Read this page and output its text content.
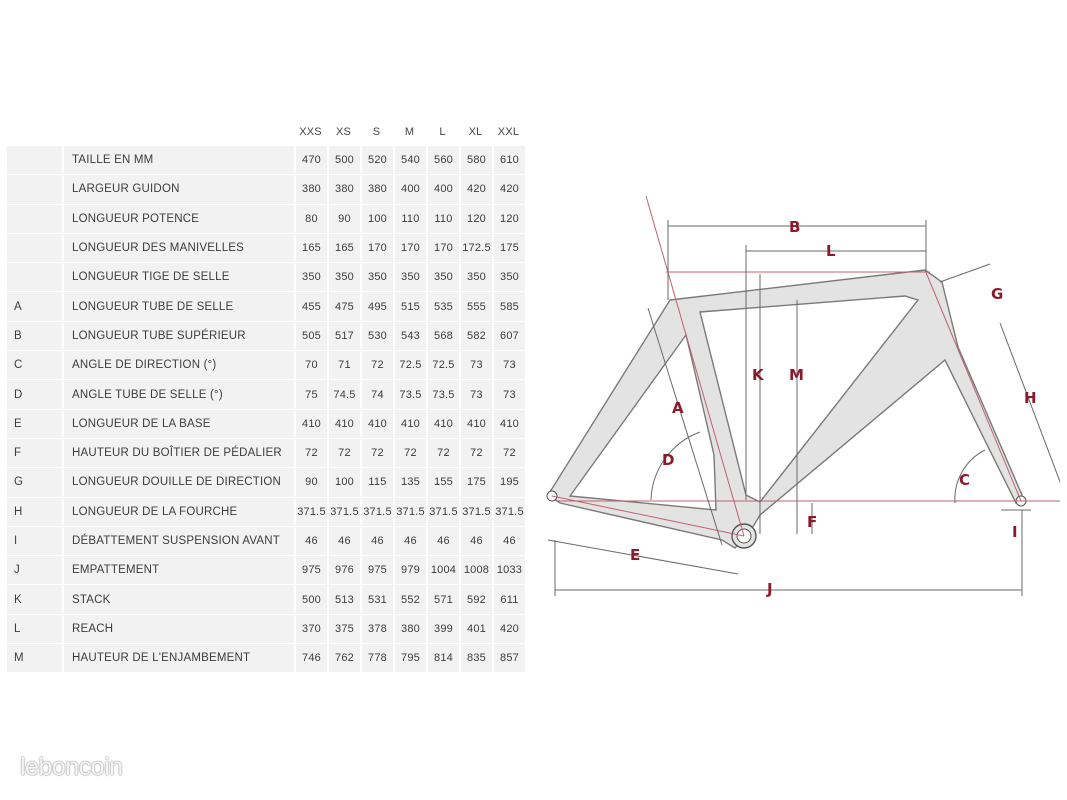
			XXS	XS	S	M	L	XL	XXL
		TAILLE EN MM	470	500	520	540	560	580	610
		LARGEUR GUIDON	380	380	380	400	400	420	420
		LONGUEUR POTENCE	80	90	100	110	110	120	120
		LONGUEUR DES MANIVELLES	165	165	170	170	170	172.5	175
		LONGUEUR TIGE DE SELLE	350	350	350	350	350	350	350
A		LONGUEUR TUBE DE SELLE	455	475	495	515	535	555	585
B		LONGUEUR TUBE SUPÉRIEUR	505	517	530	543	568	582	607
C		ANGLE DE DIRECTION (°)	70	71	72	72.5	72.5	73	73
D		ANGLE TUBE DE SELLE (°)	75	74.5	74	73.5	73.5	73	73
E		LONGUEUR DE LA BASE	410	410	410	410	410	410	410
F		HAUTEUR DU BOÎTIER DE PÉDALIER	72	72	72	72	72	72	72
G		LONGUEUR DOUILLE DE DIRECTION	90	100	115	135	155	175	195
H		LONGUEUR DE LA FOURCHE	371.5	371.5	371.5	371.5	371.5	371.5	371.5
I		DÉBATTEMENT SUSPENSION AVANT	46	46	46	46	46	46	46
J		EMPATTEMENT	975	976	975	979	1004	1008	1033
K		STACK	500	513	531	552	571	592	611
L		REACH	370	375	378	380	399	401	420
M		HAUTEUR DE L'ENJAMBEMENT	746	762	778	795	814	835	857
B
L
G
K M
H
A
D
C
F
I
E
J
leboncoin
